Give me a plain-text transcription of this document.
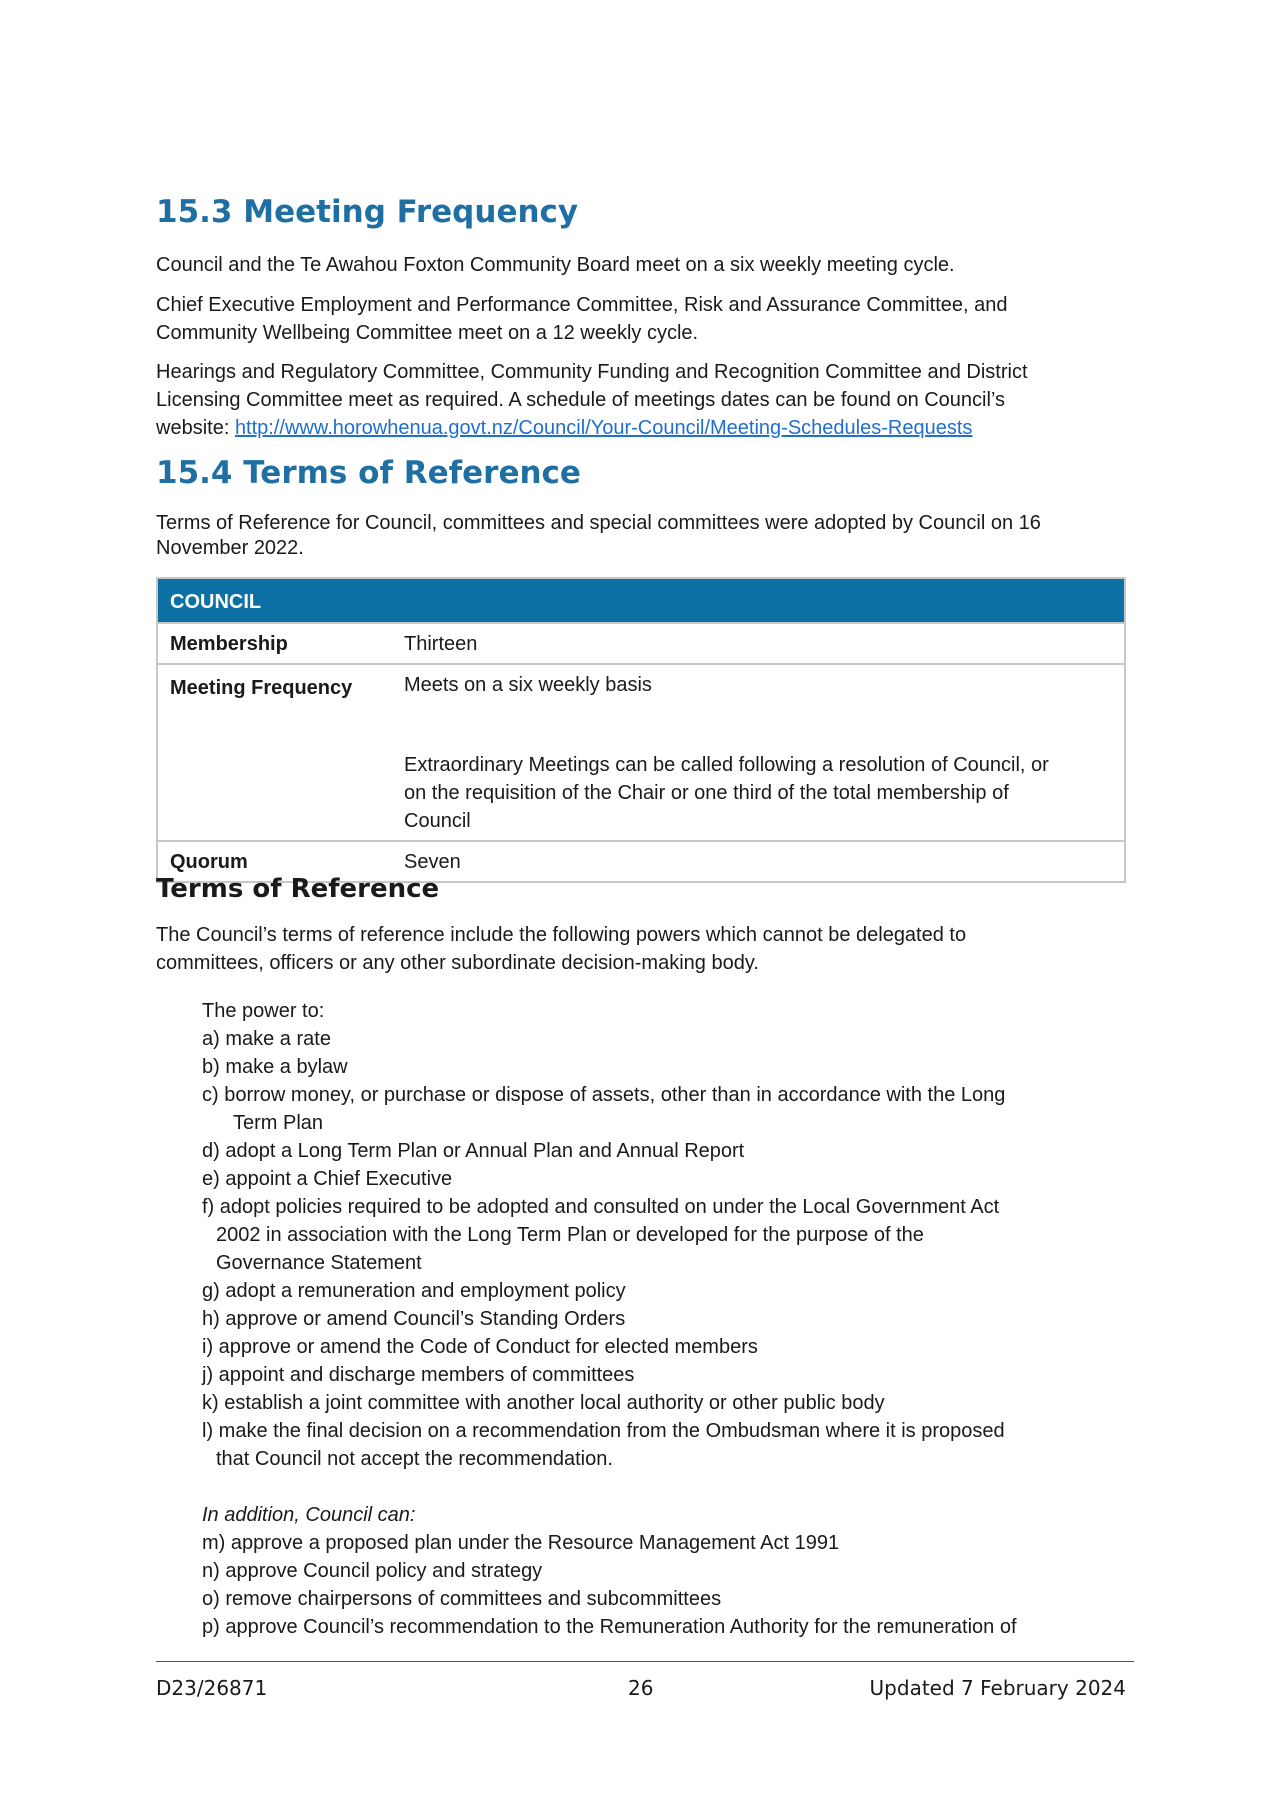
15.3 Meeting Frequency

Council and the Te Awahou Foxton Community Board meet on a six weekly meeting cycle.

Chief Executive Employment and Performance Committee, Risk and Assurance Committee, and
Community Wellbeing Committee meet on a 12 weekly cycle.

Hearings and Regulatory Committee, Community Funding and Recognition Committee and District
Licensing Committee meet as required. A schedule of meetings dates can be found on Council’s
website: http://www.horowhenua.govt.nz/Council/Your-Council/Meeting-Schedules-Requests

15.4 Terms of Reference

Terms of Reference for Council, committees and special committees were adopted by Council on 16
November 2022.

COUNCIL	
Membership	Thirteen
Meeting Frequency	Meets on a six weekly basis
Extraordinary Meetings can be called following a resolution of Council, or
on the requisition of the Chair or one third of the total membership of
Council

Quorum	Seven
Terms of Reference

The Council’s terms of reference include the following powers which cannot be delegated to
committees, officers or any other subordinate decision-making body.

The power to:
a) make a rate
b) make a bylaw
c) borrow money, or purchase or dispose of assets, other than in accordance with the Long
Term Plan
d) adopt a Long Term Plan or Annual Plan and Annual Report
e) appoint a Chief Executive
f) adopt policies required to be adopted and consulted on under the Local Government Act
2002 in association with the Long Term Plan or developed for the purpose of the
Governance Statement
g) adopt a remuneration and employment policy
h) approve or amend Council’s Standing Orders
i) approve or amend the Code of Conduct for elected members
j) appoint and discharge members of committees
k) establish a joint committee with another local authority or other public body
l) make the final decision on a recommendation from the Ombudsman where it is proposed
that Council not accept the recommendation.
In addition, Council can:
m) approve a proposed plan under the Resource Management Act 1991
n) approve Council policy and strategy
o) remove chairpersons of committees and subcommittees
p) approve Council’s recommendation to the Remuneration Authority for the remuneration of
D23/26871	26	Updated 7 February 2024
